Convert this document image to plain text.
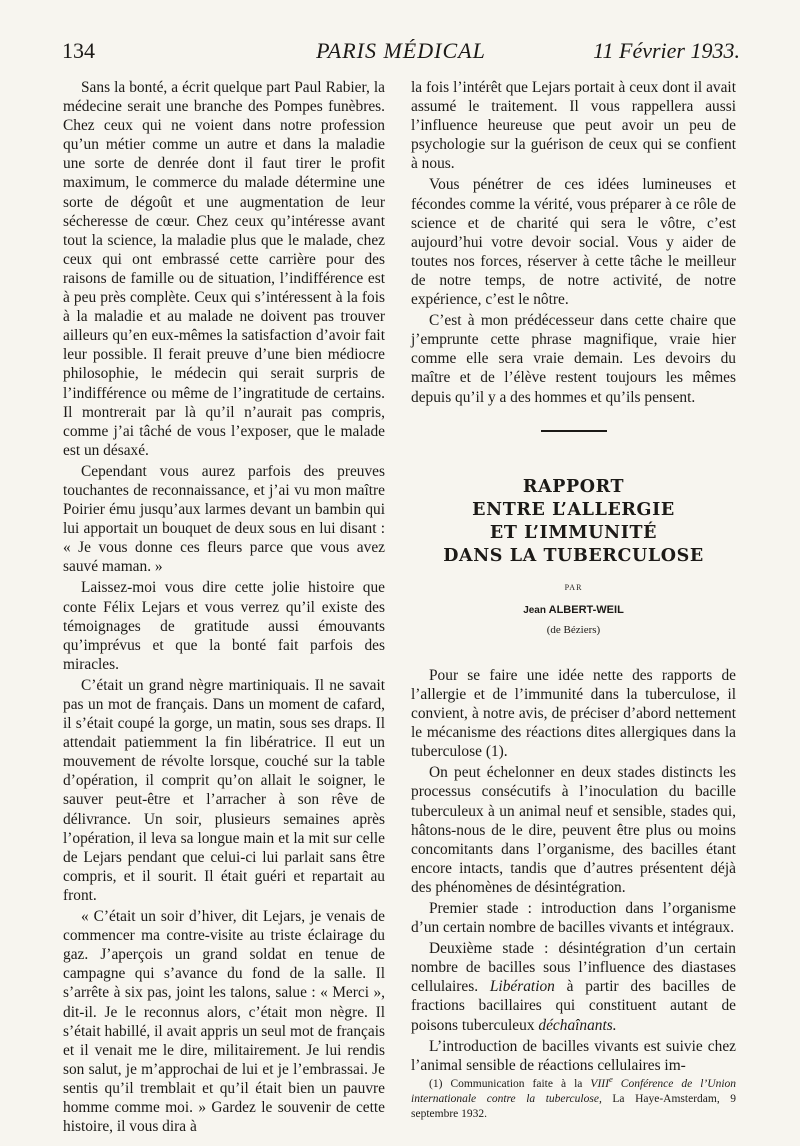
134	PARIS MÉDICAL	11 Février 1933.

Sans la bonté, a écrit quelque part Paul Rabier, la médecine serait une branche des Pompes funèbres. Chez ceux qui ne voient dans notre profession qu’un métier comme un autre et dans la maladie une sorte de denrée dont il faut tirer le profit maximum, le commerce du malade détermine une sorte de dégoût et une augmentation de leur sécheresse de cœur. Chez ceux qu’intéresse avant tout la science, la maladie plus que le malade, chez ceux qui ont embrassé cette carrière pour des raisons de famille ou de situation, l’indifférence est à peu près complète. Ceux qui s’intéressent à la fois à la maladie et au malade ne doivent pas trouver ailleurs qu’en eux-mêmes la satisfaction d’avoir fait leur possible. Il ferait preuve d’une bien médiocre philosophie, le médecin qui serait surpris de l’indifférence ou même de l’ingratitude de certains. Il montrerait par là qu’il n’aurait pas compris, comme j’ai tâché de vous l’exposer, que le malade est un désaxé.

Cependant vous aurez parfois des preuves touchantes de reconnaissance, et j’ai vu mon maître Poirier ému jusqu’aux larmes devant un bambin qui lui apportait un bouquet de deux sous en lui disant : « Je vous donne ces fleurs parce que vous avez sauvé maman. »

Laissez-moi vous dire cette jolie histoire que conte Félix Lejars et vous verrez qu’il existe des témoignages de gratitude aussi émouvants qu’imprévus et que la bonté fait parfois des miracles.

C’était un grand nègre martiniquais. Il ne savait pas un mot de français. Dans un moment de cafard, il s’était coupé la gorge, un matin, sous ses draps. Il attendait patiemment la fin libératrice. Il eut un mouvement de révolte lorsque, couché sur la table d’opération, il comprit qu’on allait le soigner, le sauver peut-être et l’arracher à son rêve de délivrance. Un soir, plusieurs semaines après l’opération, il leva sa longue main et la mit sur celle de Lejars pendant que celui-ci lui parlait sans être compris, et il sourit. Il était guéri et repartait au front.

« C’était un soir d’hiver, dit Lejars, je venais de commencer ma contre-visite au triste éclairage du gaz. J’aperçois un grand soldat en tenue de campagne qui s’avance du fond de la salle. Il s’arrête à six pas, joint les talons, salue : « Merci », dit-il. Je le reconnus alors, c’était mon nègre. Il s’était habillé, il avait appris un seul mot de français et il venait me le dire, militairement. Je lui rendis son salut, je m’approchai de lui et je l’embrassai. Je sentis qu’il tremblait et qu’il était bien un pauvre homme comme moi. » Gardez le souvenir de cette histoire, il vous dira à

la fois l’intérêt que Lejars portait à ceux dont il avait assumé le traitement. Il vous rappellera aussi l’influence heureuse que peut avoir un peu de psychologie sur la guérison de ceux qui se confient à nous.

Vous pénétrer de ces idées lumineuses et fécondes comme la vérité, vous préparer à ce rôle de science et de charité qui sera le vôtre, c’est aujourd’hui votre devoir social. Vous y aider de toutes nos forces, réserver à cette tâche le meilleur de notre temps, de notre activité, de notre expérience, c’est le nôtre.

C’est à mon prédécesseur dans cette chaire que j’emprunte cette phrase magnifique, vraie hier comme elle sera vraie demain. Les devoirs du maître et de l’élève restent toujours les mêmes depuis qu’il y a des hommes et qu’ils pensent.

RAPPORT
ENTRE L’ALLERGIE
ET L’IMMUNITÉ
DANS LA TUBERCULOSE
PAR
Jean ALBERT-WEIL
(de Béziers)

Pour se faire une idée nette des rapports de l’allergie et de l’immunité dans la tuberculose, il convient, à notre avis, de préciser d’abord nettement le mécanisme des réactions dites allergiques dans la tuberculose (1).

On peut échelonner en deux stades distincts les processus consécutifs à l’inoculation du bacille tuberculeux à un animal neuf et sensible, stades qui, hâtons-nous de le dire, peuvent être plus ou moins concomitants dans l’organisme, des bacilles étant encore intacts, tandis que d’autres présentent déjà des phénomènes de désintégration.

Premier stade : introduction dans l’organisme d’un certain nombre de bacilles vivants et intégraux.

Deuxième stade : désintégration d’un certain nombre de bacilles sous l’influence des diastases cellulaires. Libération à partir des bacilles de fractions bacillaires qui constituent autant de poisons tuberculeux déchaînants.

L’introduction de bacilles vivants est suivie chez l’animal sensible de réactions cellulaires im-

(1) Communication faite à la VIIIe Conférence de l’Union internationale contre la tuberculose, La Haye-Amsterdam, 9 septembre 1932.
